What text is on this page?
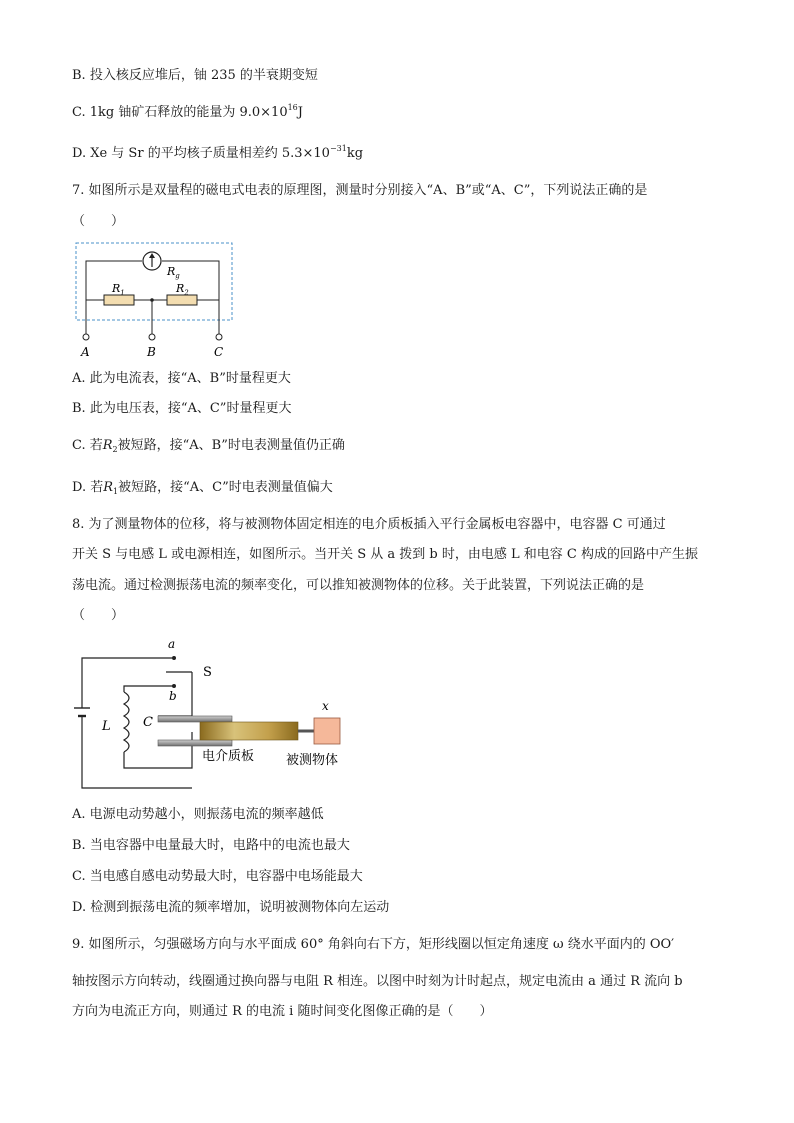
B. 投入核反应堆后，铀 235 的半衰期变短
C. 1kg 铀矿石释放的能量为 $9.0\times 10^{16}J$
D. Xe 与 Sr 的平均核子质量相差约 $5.3\times 10^{-31}kg$
7. 如图所示是双量程的磁电式电表的原理图，测量时分别接入“A、B”或“A、C”，下列说法正确的是
（　　）
$R_g$
$R_1$	$R_2$
A	B	C
A. 此为电流表，接“A、B”时量程更大
B. 此为电压表，接“A、C”时量程更大
C. 若$R_2$被短路，接“A、B”时电表测量值仍正确
D. 若$R_1$被短路，接“A、C”时电表测量值偏大
8. 为了测量物体的位移，将与被测物体固定相连的电介质板插入平行金属板电容器中，电容器 C 可通过
开关 S 与电感 L 或电源相连，如图所示。当开关 S 从 a 拨到 b 时，由电感 L 和电容 C 构成的回路中产生振
荡电流。通过检测振荡电流的频率变化，可以推知被测物体的位移。关于此装置，下列说法正确的是
（　　）
a
S
b
L C
x
电介质板 被测物体
A. 电源电动势越小，则振荡电流的频率越低
B. 当电容器中电量最大时，电路中的电流也最大
C. 当电感自感电动势最大时，电容器中电场能最大
D. 检测到振荡电流的频率增加，说明被测物体向左运动
9. 如图所示，匀强磁场方向与水平面成 60° 角斜向右下方，矩形线圈以恒定角速度 ω 绕水平面内的 OO′
轴按图示方向转动，线圈通过换向器与电阻 R 相连。以图中时刻为计时起点，规定电流由 a 通过 R 流向 b
方向为电流正方向，则通过 R 的电流 i 随时间变化图像正确的是（　　）
